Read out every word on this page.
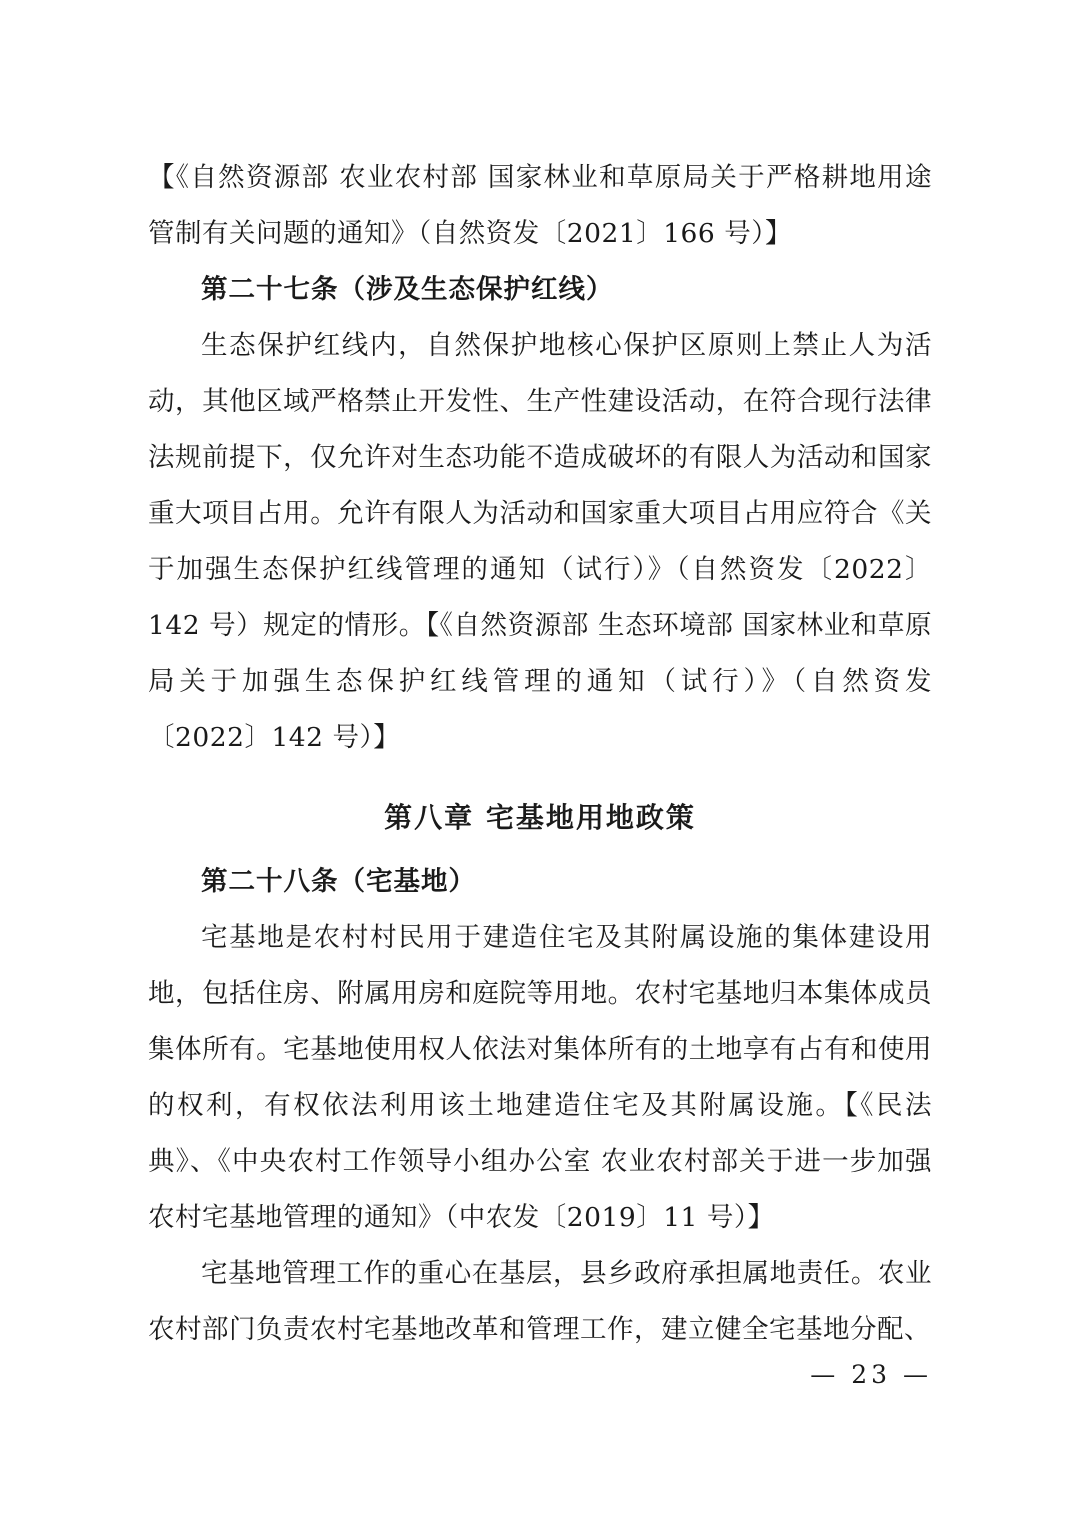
【《自然资源部 农业农村部 国家林业和草原局关于严格耕地用途管制有关问题的通知》（自然资发〔2021〕166 号）】

第二十七条（涉及生态保护红线）

生态保护红线内，自然保护地核心保护区原则上禁止人为活动，其他区域严格禁止开发性、生产性建设活动，在符合现行法律法规前提下，仅允许对生态功能不造成破坏的有限人为活动和国家重大项目占用。允许有限人为活动和国家重大项目占用应符合《关于加强生态保护红线管理的通知（试行）》（自然资发〔2022〕142 号）规定的情形。【《自然资源部 生态环境部 国家林业和草原局关于加强生态保护红线管理的通知（试行）》（自然资发〔2022〕142 号）】

第八章 宅基地用地政策

第二十八条（宅基地）

宅基地是农村村民用于建造住宅及其附属设施的集体建设用地，包括住房、附属用房和庭院等用地。农村宅基地归本集体成员集体所有。宅基地使用权人依法对集体所有的土地享有占有和使用的权利，有权依法利用该土地建造住宅及其附属设施。【《民法典》、《中央农村工作领导小组办公室 农业农村部关于进一步加强农村宅基地管理的通知》（中农发〔2019〕11 号）】

宅基地管理工作的重心在基层，县乡政府承担属地责任。农业农村部门负责农村宅基地改革和管理工作，建立健全宅基地分配、

— 23 —
